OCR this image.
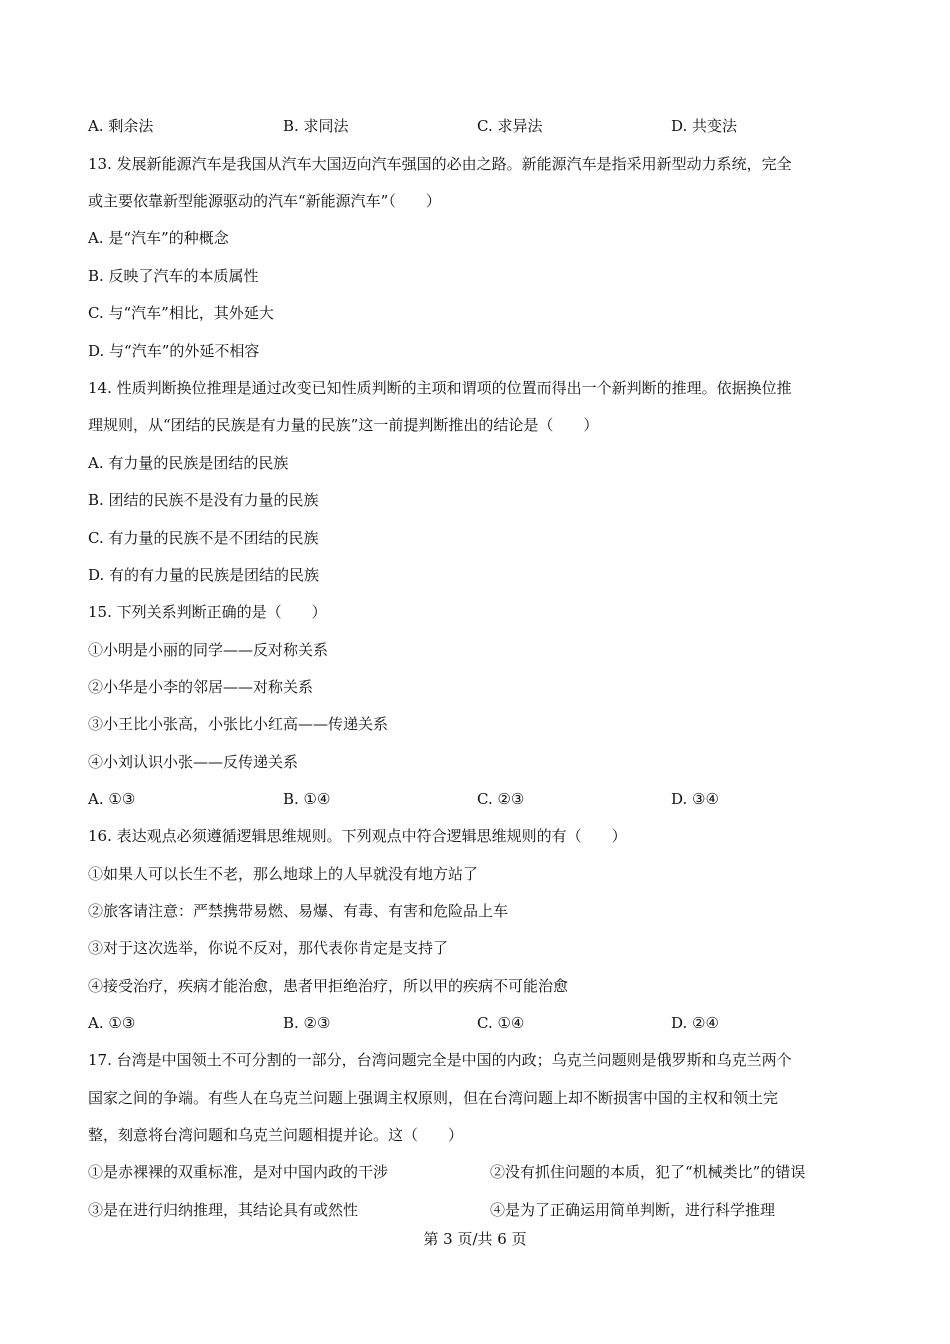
A. 剩余法	B. 求同法	C. 求异法	D. 共变法
13. 发展新能源汽车是我国从汽车大国迈向汽车强国的必由之路。新能源汽车是指采用新型动力系统，完全
或主要依靠新型能源驱动的汽车“新能源汽车”（　　）
A. 是“汽车”的种概念
B. 反映了汽车的本质属性
C. 与“汽车”相比，其外延大
D. 与“汽车”的外延不相容
14. 性质判断换位推理是通过改变已知性质判断的主项和谓项的位置而得出一个新判断的推理。依据换位推
理规则，从“团结的民族是有力量的民族”这一前提判断推出的结论是（　　）
A. 有力量的民族是团结的民族
B. 团结的民族不是没有力量的民族
C. 有力量的民族不是不团结的民族
D. 有的有力量的民族是团结的民族
15. 下列关系判断正确的是（　　）
①小明是小丽的同学——反对称关系
②小华是小李的邻居——对称关系
③小王比小张高，小张比小红高——传递关系
④小刘认识小张——反传递关系
A. ①③	B. ①④	C. ②③	D. ③④
16. 表达观点必须遵循逻辑思维规则。下列观点中符合逻辑思维规则的有（　　）
①如果人可以长生不老，那么地球上的人早就没有地方站了
②旅客请注意：严禁携带易燃、易爆、有毒、有害和危险品上车
③对于这次选举，你说不反对，那代表你肯定是支持了
④接受治疗，疾病才能治愈，患者甲拒绝治疗，所以甲的疾病不可能治愈
A. ①③	B. ②③	C. ①④	D. ②④
17. 台湾是中国领土不可分割的一部分，台湾问题完全是中国的内政；乌克兰问题则是俄罗斯和乌克兰两个
国家之间的争端。有些人在乌克兰问题上强调主权原则，但在台湾问题上却不断损害中国的主权和领土完
整，刻意将台湾问题和乌克兰问题相提并论。这（　　）
①是赤裸裸的双重标准，是对中国内政的干涉	②没有抓住问题的本质，犯了“机械类比”的错误
③是在进行归纳推理，其结论具有或然性	④是为了正确运用简单判断，进行科学推理
第 3 页/共 6 页
